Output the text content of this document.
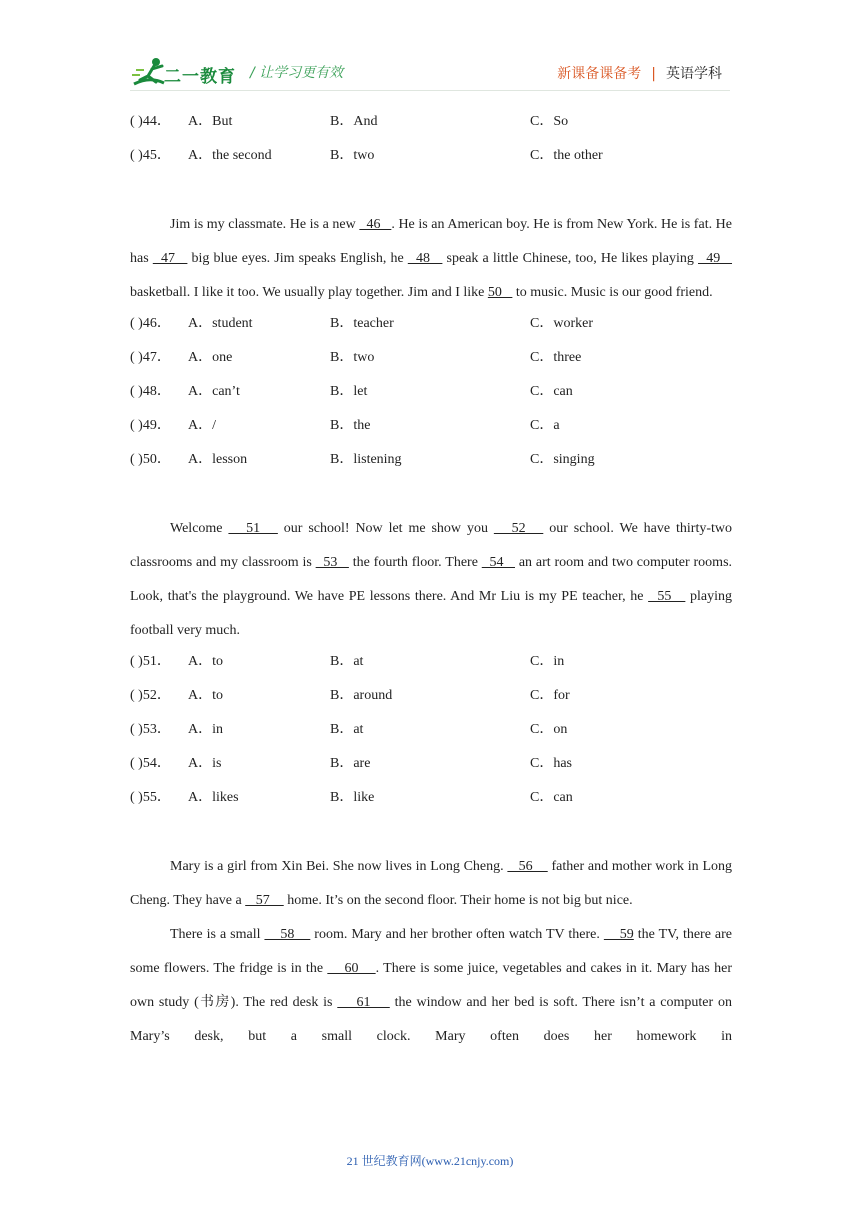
二一教育 / 让学习更有效	新课备课备考 | 英语学科
( )44． A．But	B．And	C．So
( )45． A．the second	B．two	C．the other

Jim is my classmate. He is a new   46   . He is an American boy. He is from New York. He is fat. He has   47    big blue eyes. Jim speaks English, he   48    speak a little Chinese, too, He likes playing   49    basketball. I like it too. We usually play together. Jim and I like 50    to music. Music is our good friend.

( )46． A．student	B．teacher	C．worker
( )47． A．one	B．two	C．three
( )48． A．can’t	B．let	C．can
( )49． A．/	B．the	C．a
( )50． A．lesson	B．listening	C．singing

Welcome    51    our school! Now let me show you    52    our school. We have thirty-two classrooms and my classroom is   53    the fourth floor. There   54    an art room and two computer rooms. Look, that's the playground. We have PE lessons there. And Mr Liu is my PE teacher, he   55    playing football very much.

( )51． A．to	B．at	C．in
( )52． A．to	B．around	C．for
( )53． A．in	B．at	C．on
( )54． A．is	B．are	C．has
( )55． A．likes	B．like	C．can

Mary is a girl from Xin Bei. She now lives in Long Cheng.    56     father and mother work in Long Cheng. They have a    57     home. It’s on the second floor. Their home is not big but nice.

There is a small     58     room. Mary and her brother often watch TV there.     59 the TV, there are some flowers. The fridge is in the     60    . There is some juice, vegetables and cakes in it. Mary has her own study (书房). The red desk is     61     the window and her bed is soft. There isn’t a computer on Mary’s desk, but a small clock. Mary often does her homework in

21 世纪教育网(www.21cnjy.com)
